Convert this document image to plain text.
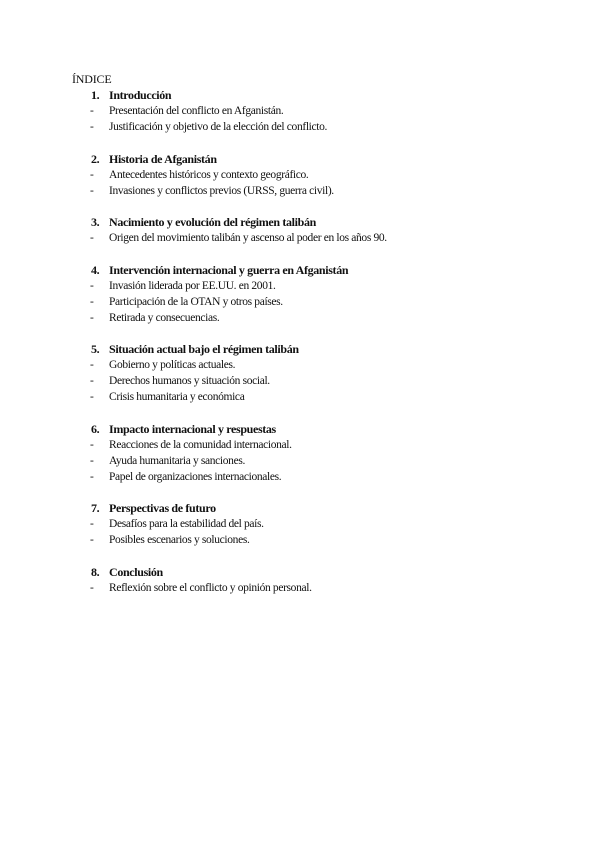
ÍNDICE
1. Introducción
- Presentación del conflicto en Afganistán.
- Justificación y objetivo de la elección del conflicto.
2. Historia de Afganistán
- Antecedentes históricos y contexto geográfico.
- Invasiones y conflictos previos (URSS, guerra civil).
3. Nacimiento y evolución del régimen talibán
- Origen del movimiento talibán y ascenso al poder en los años 90.
4. Intervención internacional y guerra en Afganistán
- Invasión liderada por EE.UU. en 2001.
- Participación de la OTAN y otros países.
- Retirada y consecuencias.
5. Situación actual bajo el régimen talibán
- Gobierno y políticas actuales.
- Derechos humanos y situación social.
- Crisis humanitaria y económica
6. Impacto internacional y respuestas
- Reacciones de la comunidad internacional.
- Ayuda humanitaria y sanciones.
- Papel de organizaciones internacionales.
7. Perspectivas de futuro
- Desafíos para la estabilidad del país.
- Posibles escenarios y soluciones.
8. Conclusión
- Reflexión sobre el conflicto y opinión personal.
